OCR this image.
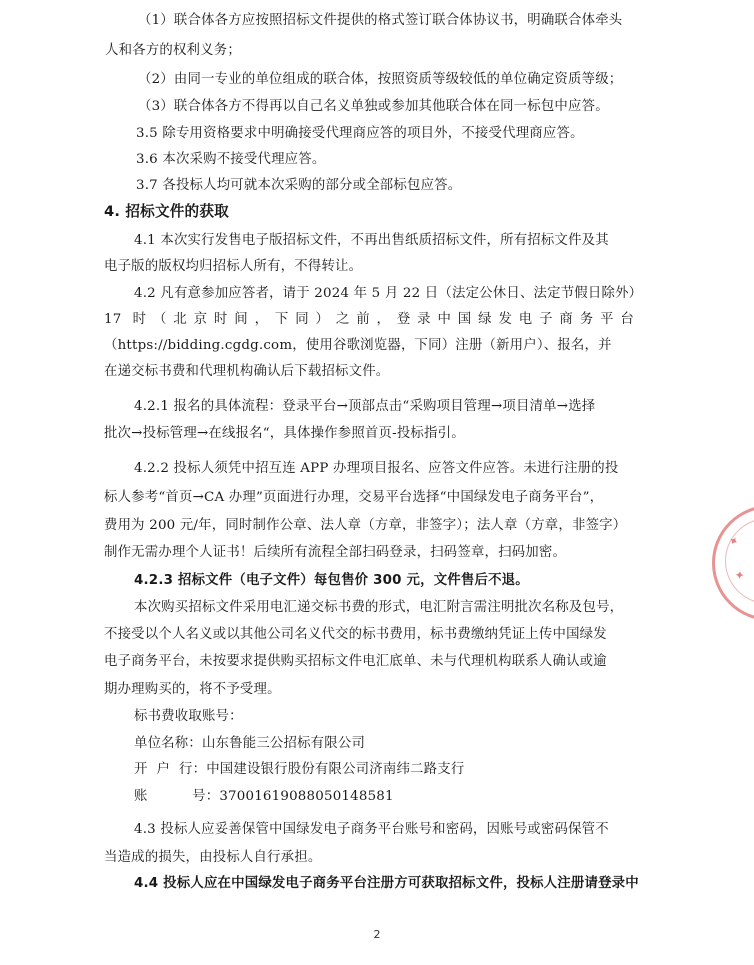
（1）联合体各方应按照招标文件提供的格式签订联合体协议书，明确联合体牵头
人和各方的权利义务；
（2）由同一专业的单位组成的联合体，按照资质等级较低的单位确定资质等级；
（3）联合体各方不得再以自己名义单独或参加其他联合体在同一标包中应答。
3.5 除专用资格要求中明确接受代理商应答的项目外，不接受代理商应答。
3.6 本次采购不接受代理应答。
3.7 各投标人均可就本次采购的部分或全部标包应答。
4. 招标文件的获取
4.1 本次实行发售电子版招标文件，不再出售纸质招标文件，所有招标文件及其
电子版的版权均归招标人所有，不得转让。
4.2 凡有意参加应答者，请于 2024 年 5 月 22 日（法定公休日、法定节假日除外）
17 时（北京时间，下同）之前，登录中国绿发电子商务平台
（https://bidding.cgdg.com，使用谷歌浏览器，下同）注册（新用户）、报名，并
在递交标书费和代理机构确认后下载招标文件。
4.2.1 报名的具体流程：登录平台→顶部点击“采购项目管理→项目清单→选择
批次→投标管理→在线报名“，具体操作参照首页-投标指引。
4.2.2 投标人须凭中招互连 APP 办理项目报名、应答文件应答。未进行注册的投
标人参考“首页→CA 办理”页面进行办理，交易平台选择“中国绿发电子商务平台”，
费用为 200 元/年，同时制作公章、法人章（方章，非签字）；法人章（方章，非签字）
制作无需办理个人证书！后续所有流程全部扫码登录，扫码签章，扫码加密。
4.2.3 招标文件（电子文件）每包售价 300 元，文件售后不退。
本次购买招标文件采用电汇递交标书费的形式，电汇附言需注明批次名称及包号，
不接受以个人名义或以其他公司名义代交的标书费用，标书费缴纳凭证上传中国绿发
电子商务平台，未按要求提供购买招标文件电汇底单、未与代理机构联系人确认或逾
期办理购买的，将不予受理。
标书费收取账号：
单位名称：山东鲁能三公招标有限公司
开  户  行：中国建设银行股份有限公司济南纬二路支行
账          号：37001619088050148581
4.3 投标人应妥善保管中国绿发电子商务平台账号和密码，因账号或密码保管不
当造成的损失，由投标人自行承担。
4.4 投标人应在中国绿发电子商务平台注册方可获取招标文件，投标人注册请登录中
2
✦
✦
